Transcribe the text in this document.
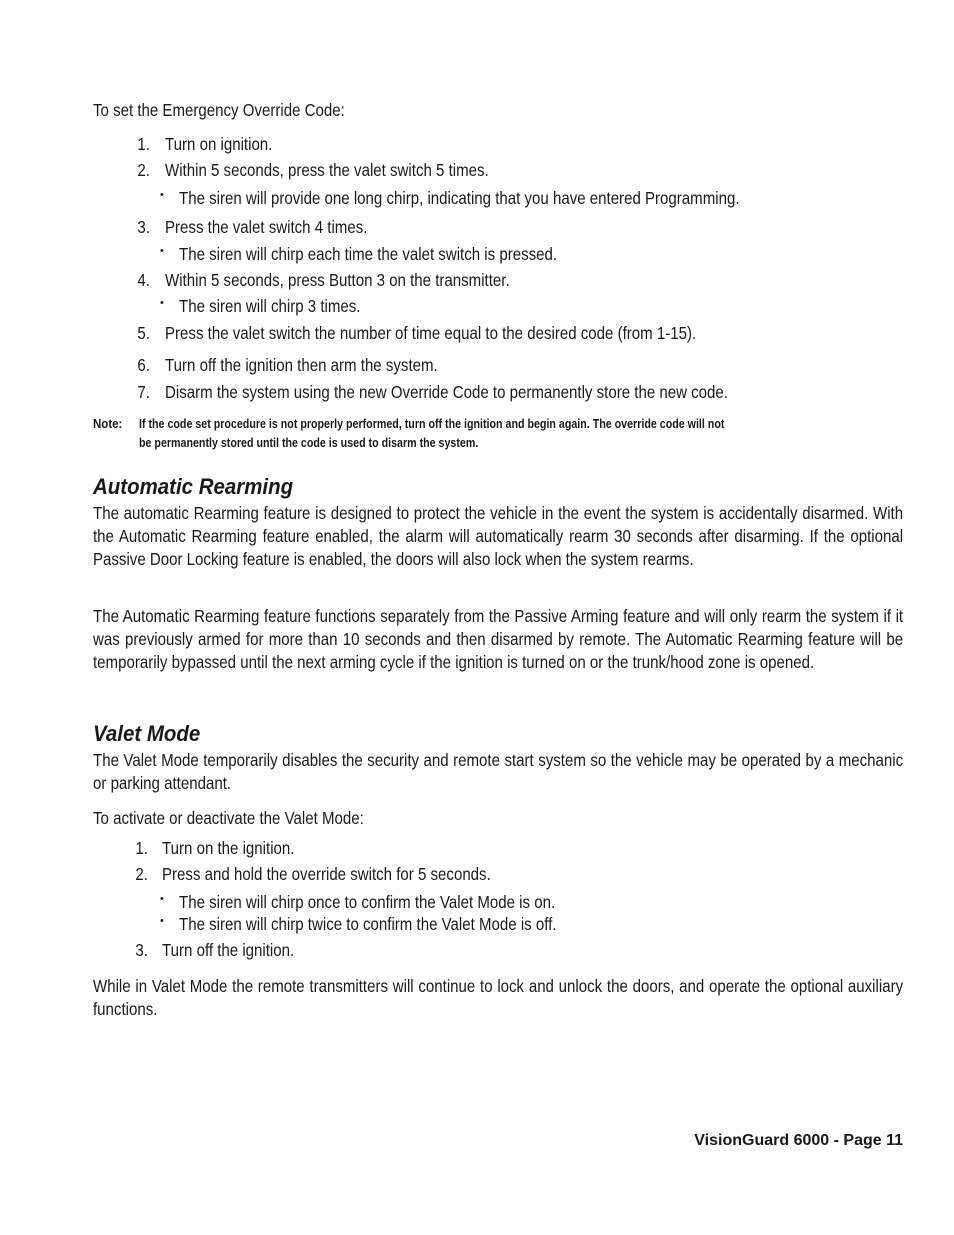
To set the Emergency Override Code:
1. Turn on ignition.
2. Within 5 seconds, press the valet switch 5 times.
• The siren will provide one long chirp, indicating that you have entered Programming.
3. Press the valet switch 4 times.
• The siren will chirp each time the valet switch is pressed.
4. Within 5 seconds, press Button 3 on the transmitter.
• The siren will chirp 3 times.
5. Press the valet switch the number of time equal to the desired code (from 1-15).
6. Turn off the ignition then arm the system.
7. Disarm the system using the new Override Code to permanently store the new code.
Note: If the code set procedure is not properly performed, turn off the ignition and begin again. The override code will not
be permanently stored until the code is used to disarm the system.
Automatic Rearming
The automatic Rearming feature is designed to protect the vehicle in the event the system is accidentally disarmed. With the Automatic Rearming feature enabled, the alarm will automatically rearm 30 seconds after disarming. If the optional Passive Door Locking feature is enabled, the doors will also lock when the system rearms.
The Automatic Rearming feature functions separately from the Passive Arming feature and will only rearm the system if it was previously armed for more than 10 seconds and then disarmed by remote. The Automatic Rearming feature will be temporarily bypassed until the next arming cycle if the ignition is turned on or the trunk/hood zone is opened.
Valet Mode
The Valet Mode temporarily disables the security and remote start system so the vehicle may be operated by a mechanic or parking attendant.
To activate or deactivate the Valet Mode:
1. Turn on the ignition.
2. Press and hold the override switch for 5 seconds.
• The siren will chirp once to confirm the Valet Mode is on.
• The siren will chirp twice to confirm the Valet Mode is off.
3. Turn off the ignition.
While in Valet Mode the remote transmitters will continue to lock and unlock the doors, and operate the optional auxiliary functions.
VisionGuard 6000 - Page 11
